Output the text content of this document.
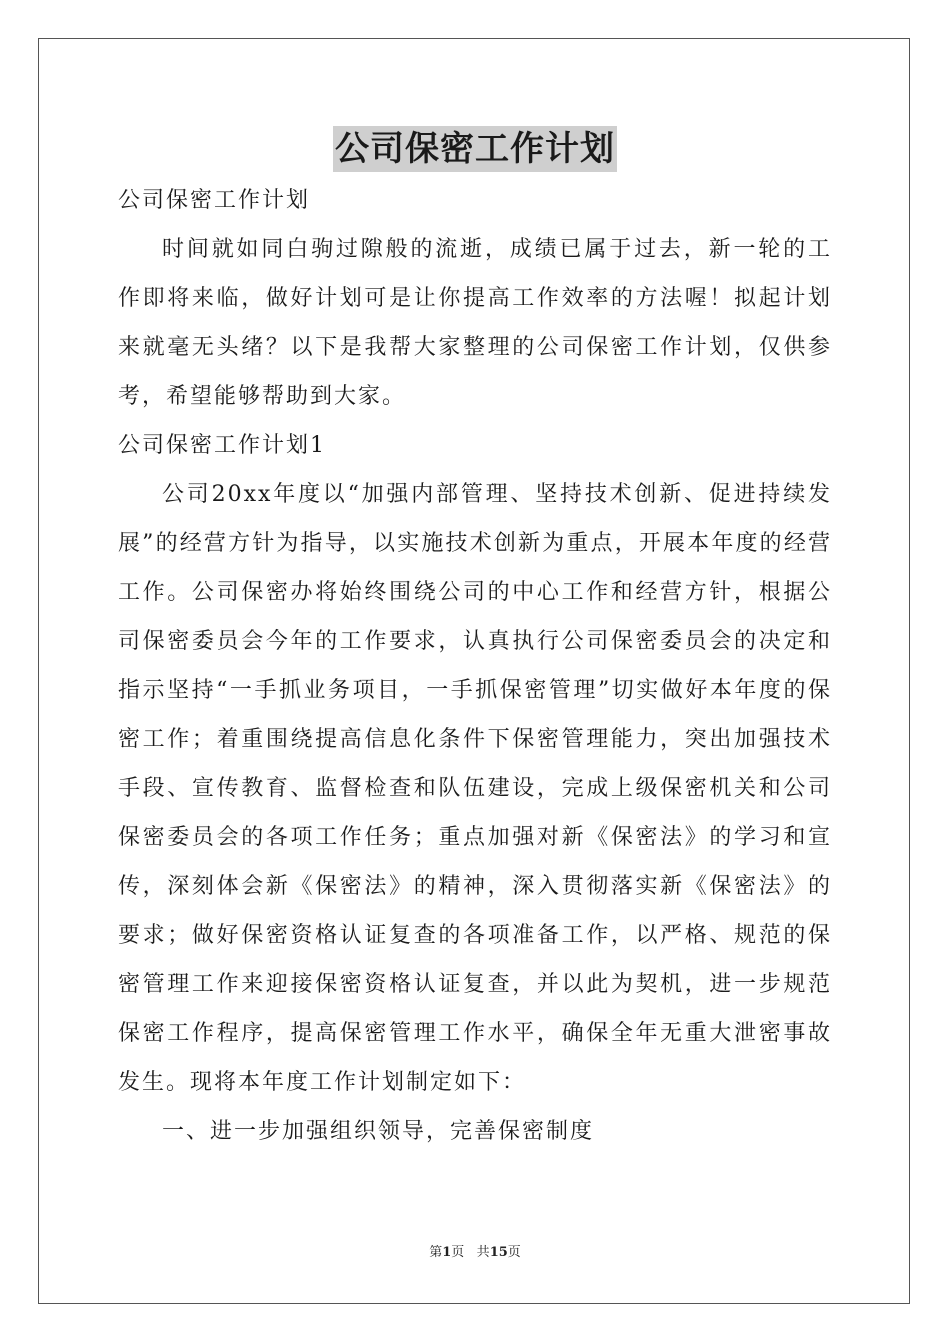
公司保密工作计划

公司保密工作计划

时间就如同白驹过隙般的流逝，成绩已属于过去，新一轮的工作即将来临，做好计划可是让你提高工作效率的方法喔！拟起计划来就毫无头绪？以下是我帮大家整理的公司保密工作计划，仅供参考，希望能够帮助到大家。

公司保密工作计划1

公司20xx年度以“加强内部管理、坚持技术创新、促进持续发展”的经营方针为指导，以实施技术创新为重点，开展本年度的经营工作。公司保密办将始终围绕公司的中心工作和经营方针，根据公司保密委员会今年的工作要求，认真执行公司保密委员会的决定和指示坚持“一手抓业务项目，一手抓保密管理”切实做好本年度的保密工作；着重围绕提高信息化条件下保密管理能力，突出加强技术手段、宣传教育、监督检查和队伍建设，完成上级保密机关和公司保密委员会的各项工作任务；重点加强对新《保密法》的学习和宣传，深刻体会新《保密法》的精神，深入贯彻落实新《保密法》的要求；做好保密资格认证复查的各项准备工作，以严格、规范的保密管理工作来迎接保密资格认证复查，并以此为契机，进一步规范保密工作程序，提高保密管理工作水平，确保全年无重大泄密事故发生。现将本年度工作计划制定如下：

一、进一步加强组织领导，完善保密制度

第1页 共15页
